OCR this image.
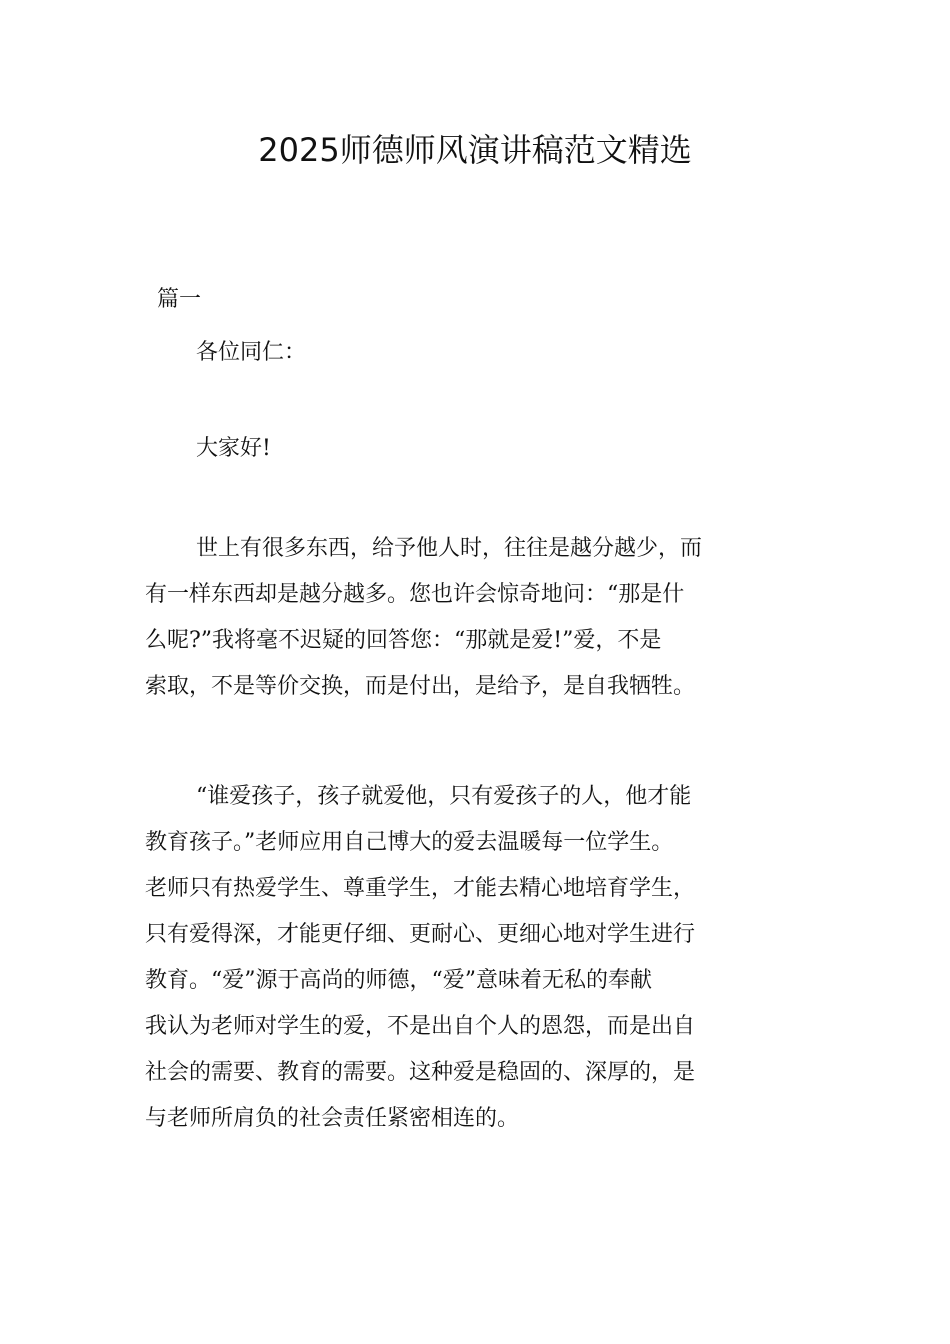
2025师德师风演讲稿范文精选
篇一
各位同仁：
大家好!
世上有很多东西，给予他人时，往往是越分越少，而
有一样东西却是越分越多。您也许会惊奇地问：“那是什
么呢?”我将毫不迟疑的回答您：“那就是爱!”爱，不是
索取，不是等价交换，而是付出，是给予，是自我牺牲。
“谁爱孩子，孩子就爱他，只有爱孩子的人，他才能
教育孩子。”老师应用自己博大的爱去温暖每一位学生。
老师只有热爱学生、尊重学生，才能去精心地培育学生，
只有爱得深，才能更仔细、更耐心、更细心地对学生进行
教育。“爱”源于高尚的师德，“爱”意味着无私的奉献
我认为老师对学生的爱，不是出自个人的恩怨，而是出自
社会的需要、教育的需要。这种爱是稳固的、深厚的，是
与老师所肩负的社会责任紧密相连的。
